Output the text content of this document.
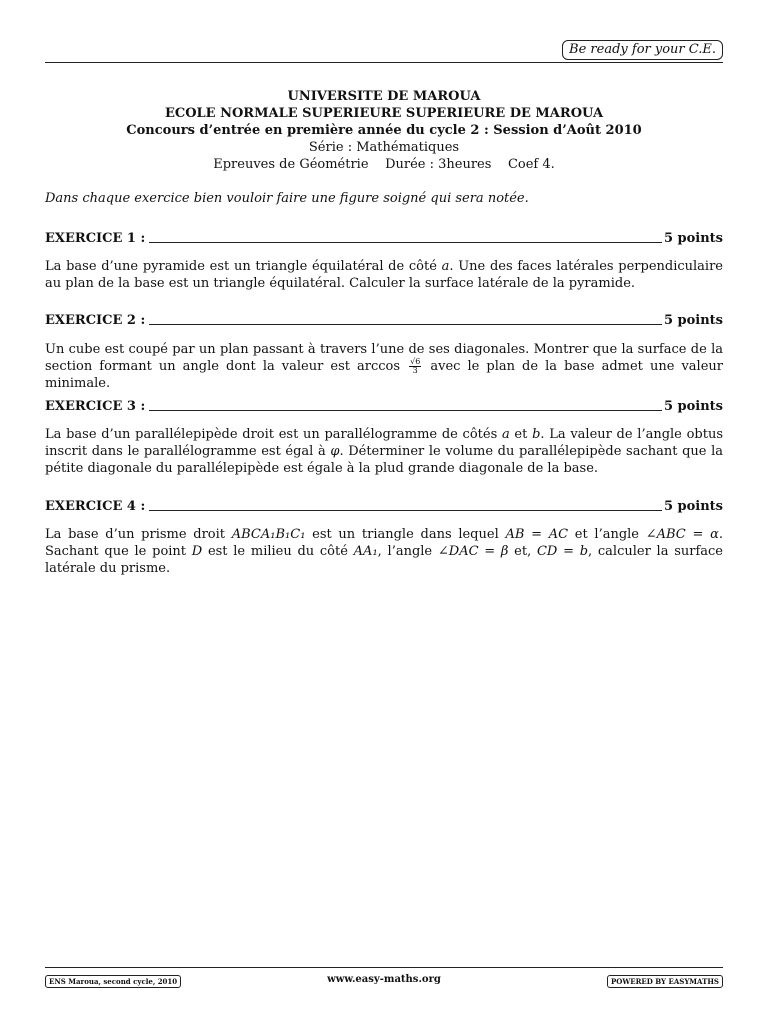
Be ready for your C.E.
UNIVERSITE DE MAROUA
ECOLE NORMALE SUPERIEURE SUPERIEURE DE MAROUA
Concours d’entrée en première année du cycle 2 : Session d’Août 2010
Série : Mathématiques
Epreuves de Géométrie Durée : 3heures Coef 4.
Dans chaque exercice bien vouloir faire une figure soigné qui sera notée.
EXERCICE 1 :	5 points
La base d’une pyramide est un triangle équilatéral de côté a. Une des faces latérales perpendiculaire au plan de la base est un triangle équilatéral. Calculer la surface latérale de la pyramide.
EXERCICE 2 :	5 points
Un cube est coupé par un plan passant à travers l’une de ses diagonales. Montrer que la surface de la section formant un angle dont la valeur est $\arccos \frac{√6}{3}$ avec le plan de la base admet une valeur minimale.
EXERCICE 3 :	5 points
La base d’un parallélepipède droit est un parallélogramme de côtés a et b. La valeur de l’angle obtus inscrit dans le parallélogramme est égal à φ. Déterminer le volume du parallélepipède sachant que la pétite diagonale du parallélepipède est égale à la plud grande diagonale de la base.
EXERCICE 4 :	5 points
La base d’un prisme droit ABCA₁B₁C₁ est un triangle dans lequel AB = AC et l’angle ∠ABC = α. Sachant que le point D est le milieu du côté AA₁, l’angle ∠DAC = β et, CD = b, calculer la surface latérale du prisme.
ENS Maroua, second cycle, 2010	www.easy-maths.org	POWERED BY EASYMATHS
